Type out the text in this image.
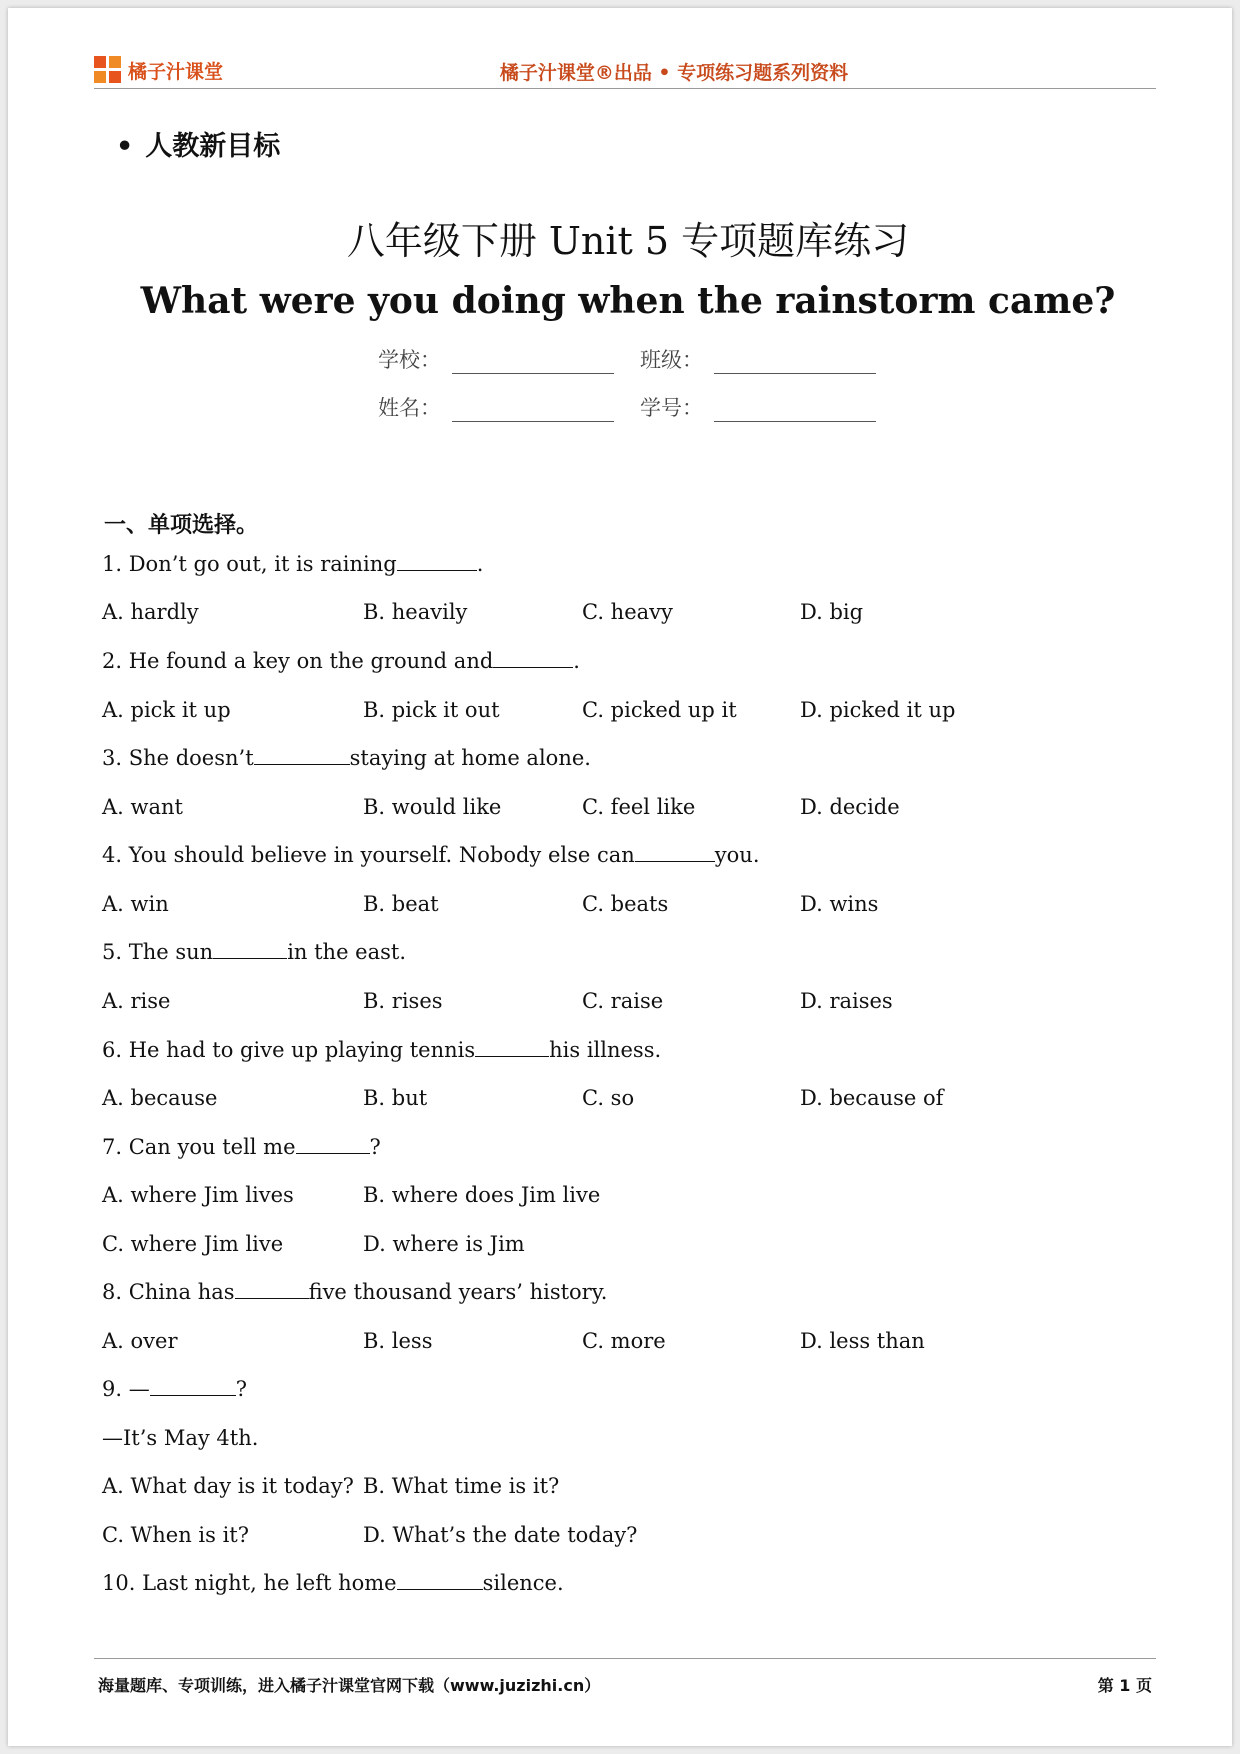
橘子汁课堂	橘子汁课堂®出品 • 专项练习题系列资料
• 人教新目标
八年级下册 Unit 5 专项题库练习
What were you doing when the rainstorm came?
学校：	班级：
姓名：	学号：
一、单项选择。
1. Don’t go out, it is raining	.
A. hardly	B. heavily	C. heavy	D. big
2. He found a key on the ground and	.
A. pick it up	B. pick it out	C. picked up it	D. picked it up
3. She doesn’t	staying at home alone.
A. want	B. would like	C. feel like	D. decide
4. You should believe in yourself. Nobody else can	you.
A. win	B. beat	C. beats	D. wins
5. The sun	in the east.
A. rise	B. rises	C. raise	D. raises
6. He had to give up playing tennis	his illness.
A. because	B. but	C. so	D. because of
7. Can you tell me	?
A. where Jim lives	B. where does Jim live
C. where Jim live	D. where is Jim
8. China has	five thousand years’ history.
A. over	B. less	C. more	D. less than
9. —	?
—It’s May 4th.
A. What day is it today? B. What time is it?
C. When is it?	D. What’s the date today?
10. Last night, he left home	silence.
海量题库、专项训练，进入橘子汁课堂官网下载（www.juzizhi.cn）	第 1 页
